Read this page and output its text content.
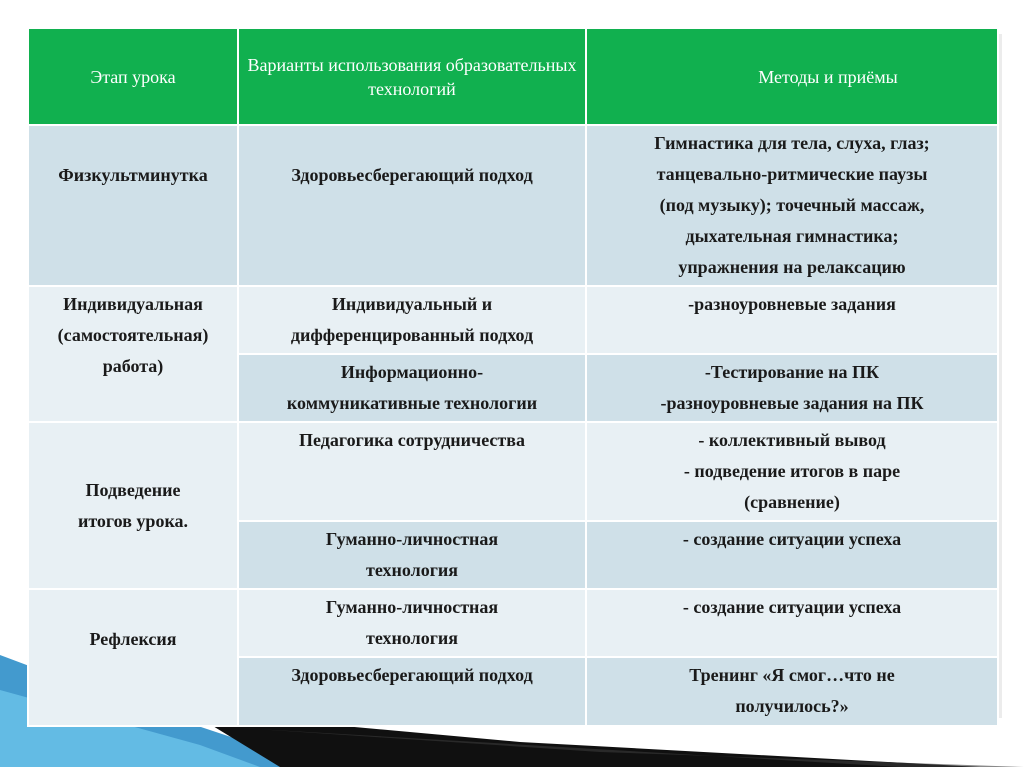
Этап урока	Варианты использования образовательных технологий	Методы и приёмы
Физкультминутка	Здоровьесберегающий подход	Гимнастика для тела, слуха, глаз;
танцевально-ритмические паузы
(под музыку); точечный массаж,
дыхательная гимнастика;
упражнения на релаксацию

Индивидуальная
(самостоятельная)
работа)	Индивидуальный и
дифференцированный подход	-разноуровневые задания

	Информационно-
коммуникативные технологии	-Тестирование на ПК
-разноуровневые задания на ПК

Подведение
итогов урока.	Педагогика сотрудничества	- коллективный вывод
- подведение итогов в паре
(сравнение)

	Гуманно-личностная
технология	- создание ситуации успеха

Рефлексия	Гуманно-личностная
технология	- создание ситуации успеха

	Здоровьесберегающий подход	Тренинг «Я смог…что не
получилось?»
